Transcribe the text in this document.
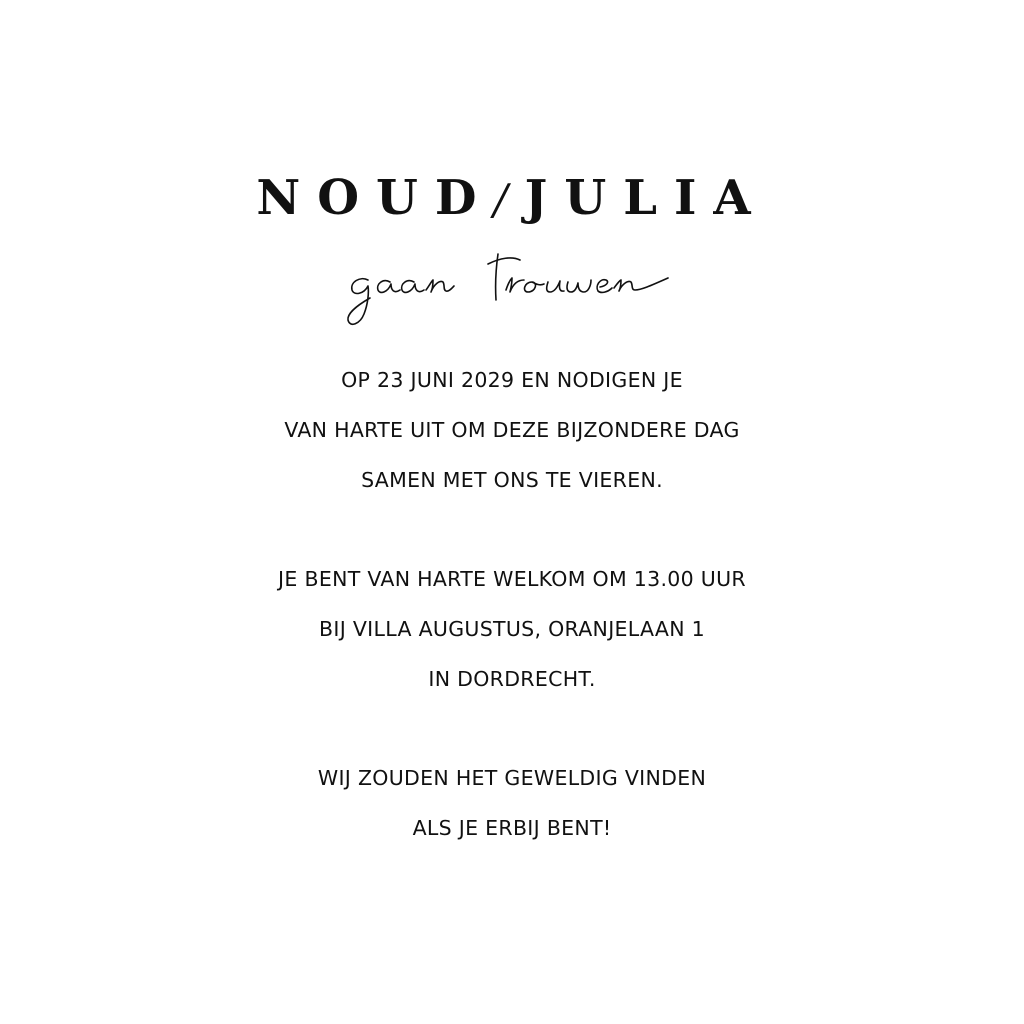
NOUD/JULIA
OP 23 JUNI 2029 EN NODIGEN JE
VAN HARTE UIT OM DEZE BIJZONDERE DAG
SAMEN MET ONS TE VIEREN.
JE BENT VAN HARTE WELKOM OM 13.00 UUR
BIJ VILLA AUGUSTUS, ORANJELAAN 1
IN DORDRECHT.
WIJ ZOUDEN HET GEWELDIG VINDEN
ALS JE ERBIJ BENT!
